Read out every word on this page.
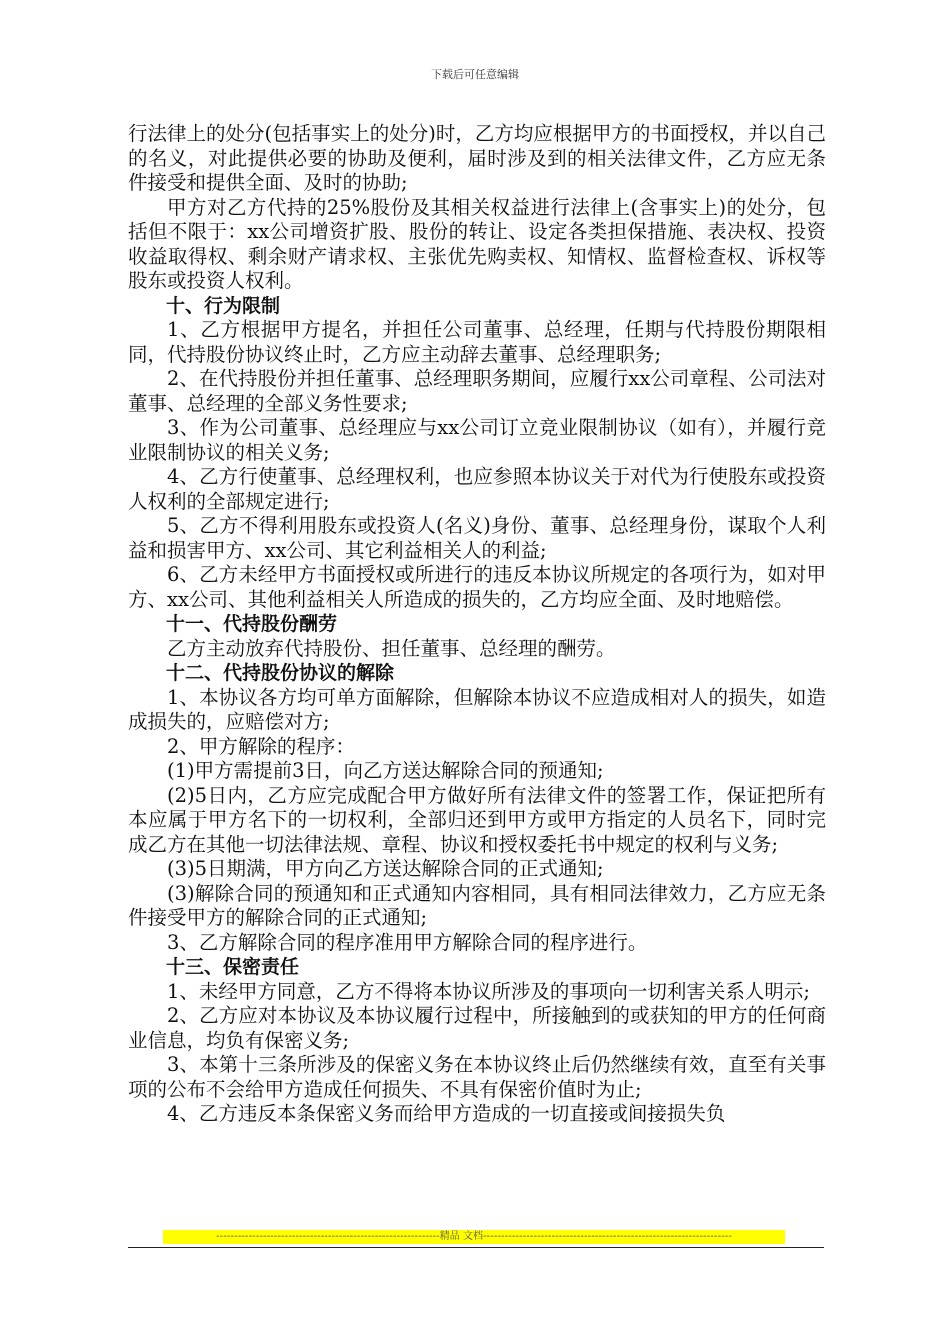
下载后可任意编辑

行法律上的处分(包括事实上的处分)时，乙方均应根据甲方的书面授权，并以自己的名义，对此提供必要的协助及便利，届时涉及到的相关法律文件，乙方应无条件接受和提供全面、及时的协助;

甲方对乙方代持的25%股份及其相关权益进行法律上(含事实上)的处分，包括但不限于：xx公司增资扩股、股份的转让、设定各类担保措施、表决权、投资收益取得权、剩余财产请求权、主张优先购卖权、知情权、监督检查权、诉权等股东或投资人权利。

十、行为限制

1、乙方根据甲方提名，并担任公司董事、总经理，任期与代持股份期限相同，代持股份协议终止时，乙方应主动辞去董事、总经理职务;

2、在代持股份并担任董事、总经理职务期间，应履行xx公司章程、公司法对董事、总经理的全部义务性要求;

3、作为公司董事、总经理应与xx公司订立竞业限制协议（如有），并履行竞业限制协议的相关义务;

4、乙方行使董事、总经理权利，也应参照本协议关于对代为行使股东或投资人权利的全部规定进行;

5、乙方不得利用股东或投资人(名义)身份、董事、总经理身份，谋取个人利益和损害甲方、xx公司、其它利益相关人的利益;

6、乙方未经甲方书面授权或所进行的违反本协议所规定的各项行为，如对甲方、xx公司、其他利益相关人所造成的损失的，乙方均应全面、及时地赔偿。

十一、代持股份酬劳

乙方主动放弃代持股份、担任董事、总经理的酬劳。

十二、代持股份协议的解除

1、本协议各方均可单方面解除，但解除本协议不应造成相对人的损失，如造成损失的，应赔偿对方;

2、甲方解除的程序：

(1)甲方需提前3日，向乙方送达解除合同的预通知;

(2)5日内，乙方应完成配合甲方做好所有法律文件的签署工作，保证把所有本应属于甲方名下的一切权利，全部归还到甲方或甲方指定的人员名下，同时完成乙方在其他一切法律法规、章程、协议和授权委托书中规定的权利与义务;

(3)5日期满，甲方向乙方送达解除合同的正式通知;

(3)解除合同的预通知和正式通知内容相同，具有相同法律效力，乙方应无条件接受甲方的解除合同的正式通知;

3、乙方解除合同的程序准用甲方解除合同的程序进行。

十三、保密责任

1、未经甲方同意，乙方不得将本协议所涉及的事项向一切利害关系人明示;

2、乙方应对本协议及本协议履行过程中，所接触到的或获知的甲方的任何商业信息，均负有保密义务;

3、本第十三条所涉及的保密义务在本协议终止后仍然继续有效，直至有关事项的公布不会给甲方造成任何损失、不具有保密价值时为止;

4、乙方违反本条保密义务而给甲方造成的一切直接或间接损失负

--------------------------------------------------------------精品 文档---------------------------------------------------------------------
